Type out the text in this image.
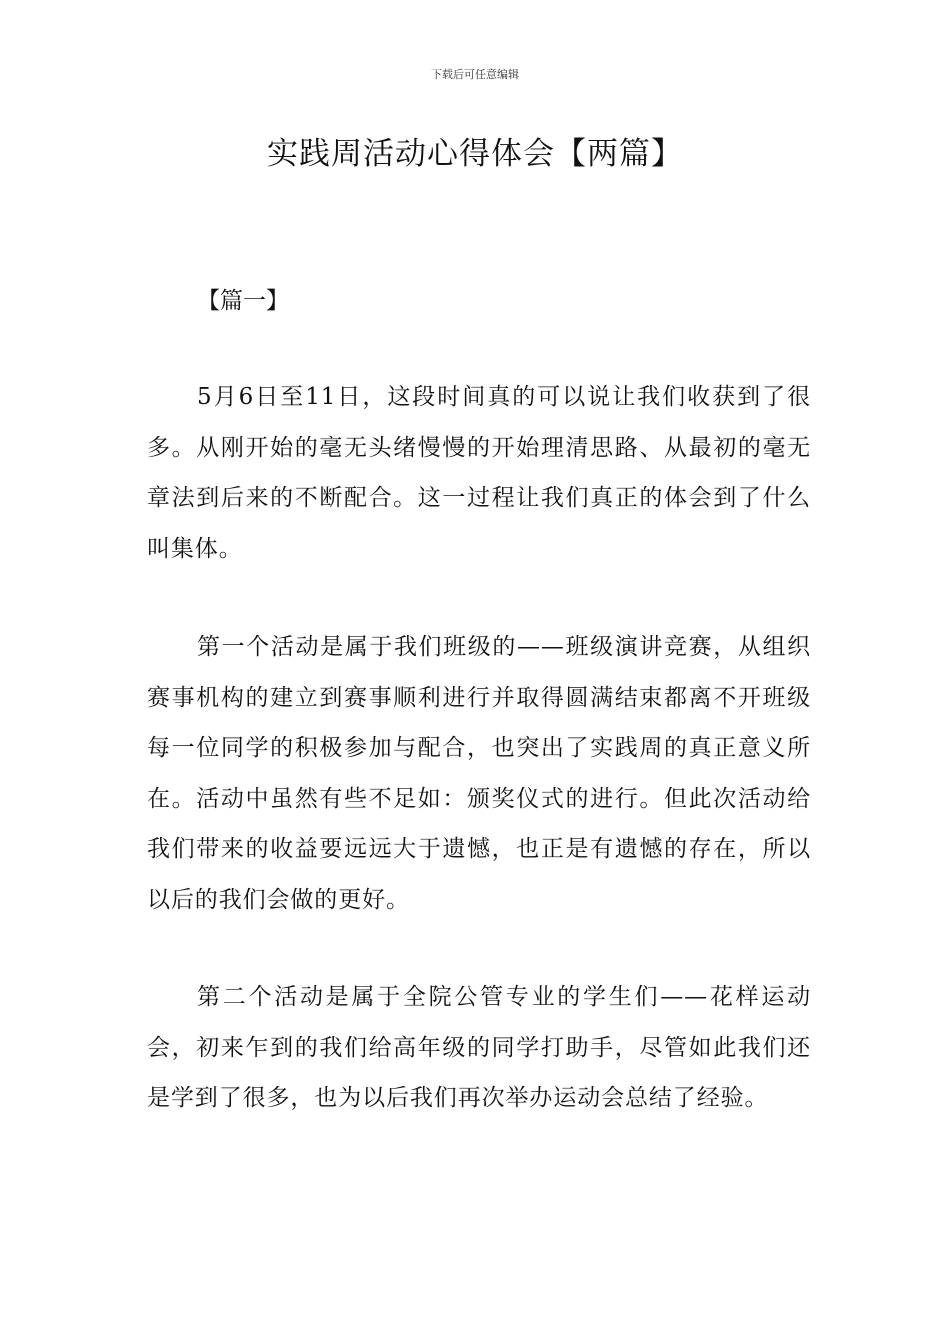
下载后可任意编辑
实践周活动心得体会【两篇】

【篇一】

5月6日至11日，这段时间真的可以说让我们收获到了很多。从刚开始的毫无头绪慢慢的开始理清思路、从最初的毫无章法到后来的不断配合。这一过程让我们真正的体会到了什么叫集体。

第一个活动是属于我们班级的——班级演讲竞赛，从组织赛事机构的建立到赛事顺利进行并取得圆满结束都离不开班级每一位同学的积极参加与配合，也突出了实践周的真正意义所在。活动中虽然有些不足如：颁奖仪式的进行。但此次活动给我们带来的收益要远远大于遗憾，也正是有遗憾的存在，所以以后的我们会做的更好。

第二个活动是属于全院公管专业的学生们——花样运动会，初来乍到的我们给高年级的同学打助手，尽管如此我们还是学到了很多，也为以后我们再次举办运动会总结了经验。
